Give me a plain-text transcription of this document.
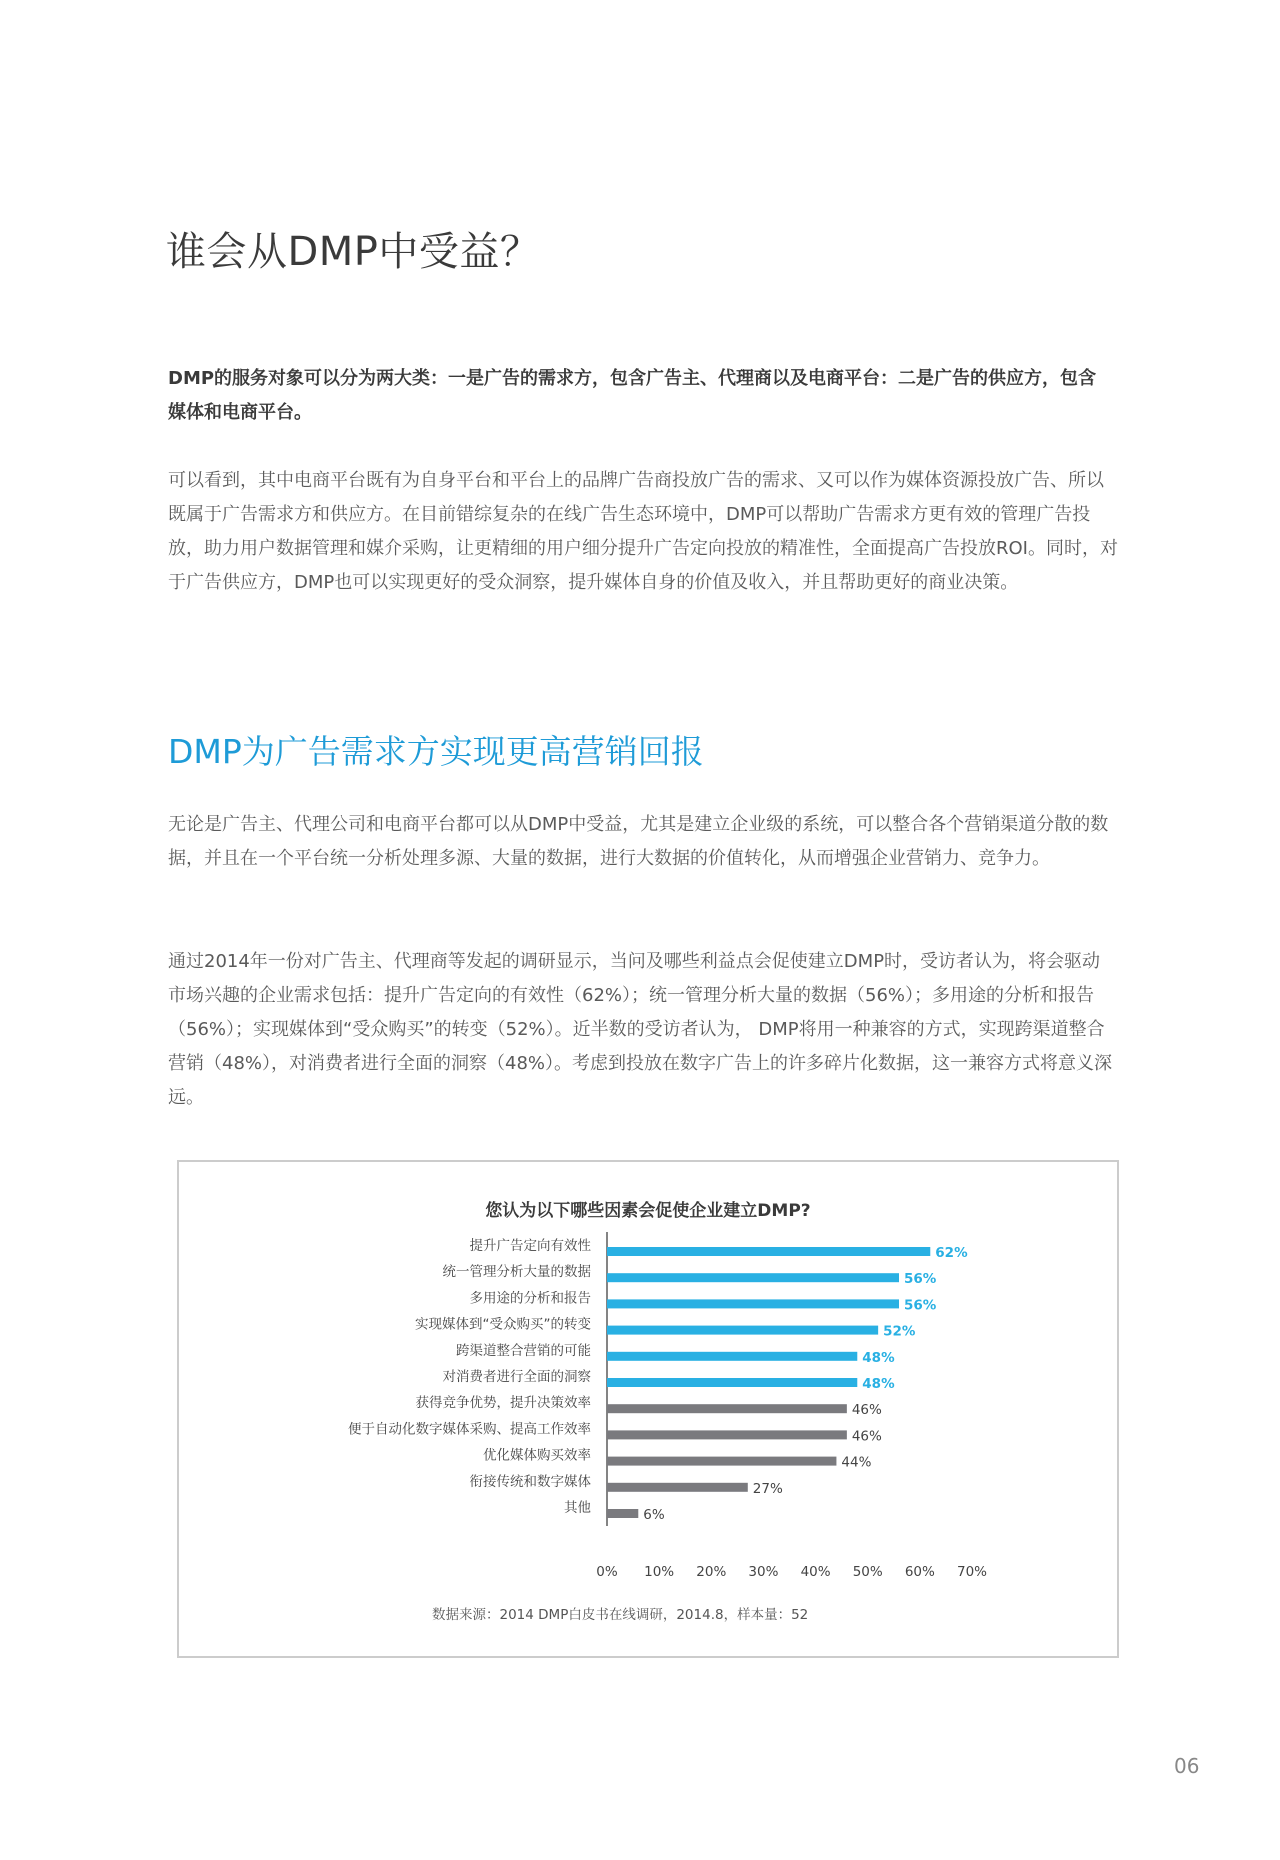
谁会从DMP中受益？

DMP的服务对象可以分为两大类：一是广告的需求方，包含广告主、代理商以及电商平台：二是广告的供应方，包含媒体和电商平台。

可以看到，其中电商平台既有为自身平台和平台上的品牌广告商投放广告的需求、又可以作为媒体资源投放广告、所以既属于广告需求方和供应方。在目前错综复杂的在线广告生态环境中，DMP可以帮助广告需求方更有效的管理广告投放，助力用户数据管理和媒介采购，让更精细的用户细分提升广告定向投放的精准性，全面提高广告投放ROI。同时，对于广告供应方，DMP也可以实现更好的受众洞察，提升媒体自身的价值及收入，并且帮助更好的商业决策。

DMP为广告需求方实现更高营销回报

无论是广告主、代理公司和电商平台都可以从DMP中受益，尤其是建立企业级的系统，可以整合各个营销渠道分散的数据，并且在一个平台统一分析处理多源、大量的数据，进行大数据的价值转化，从而增强企业营销力、竞争力。

通过2014年一份对广告主、代理商等发起的调研显示，当问及哪些利益点会促使建立DMP时，受访者认为，将会驱动市场兴趣的企业需求包括：提升广告定向的有效性（62%）；统一管理分析大量的数据（56%）；多用途的分析和报告（56%）；实现媒体到“受众购买”的转变（52%）。近半数的受访者认为， DMP将用一种兼容的方式，实现跨渠道整合营销（48%），对消费者进行全面的洞察（48%）。考虑到投放在数字广告上的许多碎片化数据，这一兼容方式将意义深远。

您认为以下哪些因素会促使企业建立DMP?
提升广告定向有效性	62%
统一管理分析大量的数据	56%
多用途的分析和报告	56%
实现媒体到“受众购买”的转变	52%
跨渠道整合营销的可能	48%
对消费者进行全面的洞察	48%
获得竞争优势，提升决策效率	46%
便于自动化数字媒体采购、提高工作效率	46%
优化媒体购买效率	44%
衔接传统和数字媒体	27%
其他	6%
0% 10% 20% 30% 40% 50% 60% 70%
数据来源：2014 DMP白皮书在线调研，2014.8，样本量：52
06
